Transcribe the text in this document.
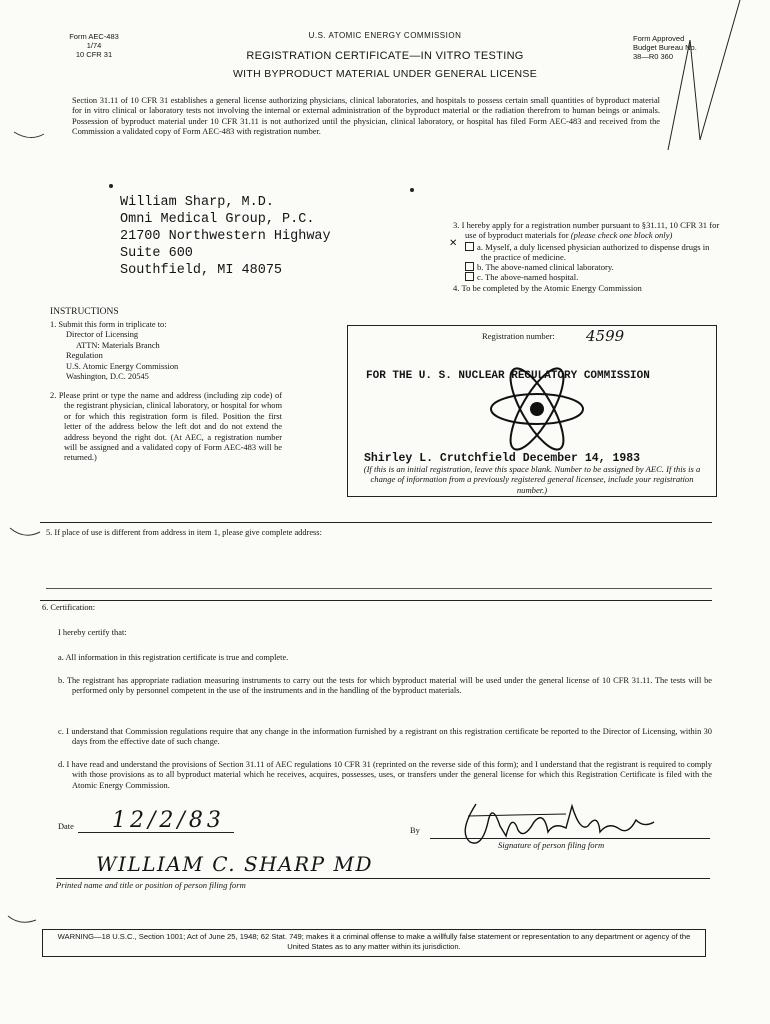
Form AEC-483
1/74
10 CFR 31
U.S. ATOMIC ENERGY COMMISSION
REGISTRATION CERTIFICATE—IN VITRO TESTING
WITH BYPRODUCT MATERIAL UNDER GENERAL LICENSE
Form Approved
Budget Bureau No.
38—R0 360
Section 31.11 of 10 CFR 31 establishes a general license authorizing physicians, clinical laboratories, and hospitals to possess certain small quantities of byproduct material for in vitro clinical or laboratory tests not involving the internal or external administration of the byproduct material or the radiation therefrom to human beings or animals. Possession of byproduct material under 10 CFR 31.11 is not authorized until the physician, clinical laboratory, or hospital has filed Form AEC-483 and received from the Commission a validated copy of Form AEC-483 with registration number.
William Sharp, M.D.
Omni Medical Group, P.C.
21700 Northwestern Highway
Suite 600
Southfield, MI 48075
3. I hereby apply for a registration number pursuant to §31.11, 10 CFR 31 for use of byproduct materials for (please check one block only)
✕a. Myself, a duly licensed physician authorized to dispense drugs in the practice of medicine.
b. The above-named clinical laboratory.
c. The above-named hospital.
4. To be completed by the Atomic Energy Commission
Registration number: 4599
FOR THE U. S. NUCLEAR REGULATORY COMMISSION
Shirley L. Crutchfield December 14, 1983
(If this is an initial registration, leave this space blank. Number to be assigned by AEC. If this is a change of information from a previously registered general licensee, include your registration number.)
INSTRUCTIONS
1. Submit this form in triplicate to:
Director of Licensing
ATTN: Materials Branch
Regulation
U.S. Atomic Energy Commission
Washington, D.C. 20545
2. Please print or type the name and address (including zip code) of the registrant physician, clinical laboratory, or hospital for whom or for which this registration form is filed. Position the first letter of the address below the left dot and do not extend the address beyond the right dot. (At AEC, a registration number will be assigned and a validated copy of Form AEC-483 will be returned.)
5. If place of use is different from address in item 1, please give complete address:
6. Certification:
I hereby certify that:
a. All information in this registration certificate is true and complete.
b. The registrant has appropriate radiation measuring instruments to carry out the tests for which byproduct material will be used under the general license of 10 CFR 31.11. The tests will be performed only by personnel competent in the use of the instruments and in the handling of the byproduct materials.
c. I understand that Commission regulations require that any change in the information furnished by a registrant on this registration certificate be reported to the Director of Licensing, within 30 days from the effective date of such change.
d. I have read and understand the provisions of Section 31.11 of AEC regulations 10 CFR 31 (reprinted on the reverse side of this form); and I understand that the registrant is required to comply with those provisions as to all byproduct material which he receives, acquires, possesses, uses, or transfers under the general license for which this Registration Certificate is filed with the Atomic Energy Commission.
Date 12/2/83	By
Signature of person filing form
WILLIAM C. SHARP MD
Printed name and title or position of person filing form
WARNING—18 U.S.C., Section 1001; Act of June 25, 1948; 62 Stat. 749; makes it a criminal offense to make a willfully false statement or representation to any department or agency of the United States as to any matter within its jurisdiction.
